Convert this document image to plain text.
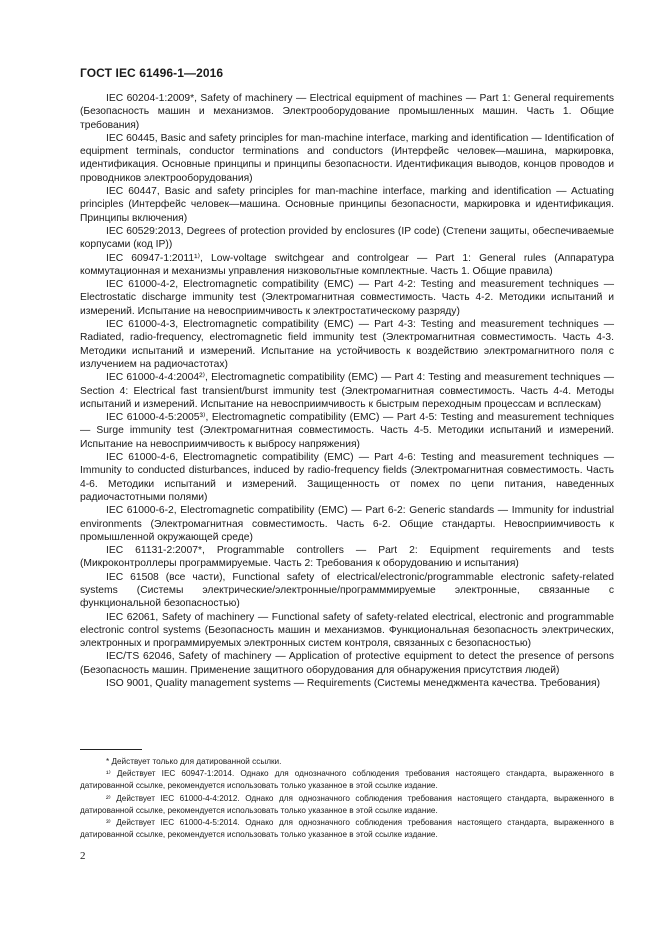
ГОСТ IEC 61496-1—2016

IEC 60204-1:2009*, Safety of machinery — Electrical equipment of machines — Part 1: General requirements (Безопасность машин и механизмов. Электрооборудование промышленных машин. Часть 1. Общие требования)

IEC 60445, Basic and safety principles for man-machine interface, marking and identification — Identification of equipment terminals, conductor terminations and conductors (Интерфейс человек—машина, маркировка, идентификация. Основные принципы и принципы безопасности. Идентификация выводов, концов проводов и проводников электрооборудования)

IEC 60447, Basic and safety principles for man-machine interface, marking and identification — Actuating principles (Интерфейс человек—машина. Основные принципы безопасности, маркировка и идентификация. Принципы включения)

IEC 60529:2013, Degrees of protection provided by enclosures (IP code) (Степени защиты, обеспечиваемые корпусами (код IP))

IEC 60947-1:2011¹⁾, Low-voltage switchgear and controlgear — Part 1: General rules (Аппаратура коммутационная и механизмы управления низковольтные комплектные. Часть 1. Общие правила)

IEC 61000-4-2, Electromagnetic compatibility (EMC) — Part 4-2: Testing and measurement techniques — Electrostatic discharge immunity test (Электромагнитная совместимость. Часть 4-2. Методики испытаний и измерений. Испытание на невосприимчивость к электростатическому разряду)

IEC 61000-4-3, Electromagnetic compatibility (EMC) — Part 4-3: Testing and measurement techniques — Radiated, radio-frequency, electromagnetic field immunity test (Электромагнитная совместимость. Часть 4-3. Методики испытаний и измерений. Испытание на устойчивость к воздействию электромагнитного поля с излучением на радиочастотах)

IEC 61000-4-4:2004²⁾, Electromagnetic compatibility (EMC) — Part 4: Testing and measurement techniques — Section 4: Electrical fast transient/burst immunity test (Электромагнитная совместимость. Часть 4-4. Методы испытаний и измерений. Испытание на невосприимчивость к быстрым переходным процессам и всплескам)

IEC 61000-4-5:2005³⁾, Electromagnetic compatibility (EMC) — Part 4-5: Testing and measurement techniques — Surge immunity test (Электромагнитная совместимость. Часть 4-5. Методики испытаний и измерений. Испытание на невосприимчивость к выбросу напряжения)

IEC 61000-4-6, Electromagnetic compatibility (EMC) — Part 4-6: Testing and measurement techniques — Immunity to conducted disturbances, induced by radio-frequency fields (Электромагнитная совместимость. Часть 4-6. Методики испытаний и измерений. Защищенность от помех по цепи питания, наведенных радиочастотными полями)

IEC 61000-6-2, Electromagnetic compatibility (EMC) — Part 6-2: Generic standards — Immunity for industrial environments (Электромагнитная совместимость. Часть 6-2. Общие стандарты. Невосприимчивость к промышленной окружающей среде)

IEC 61131-2:2007*, Programmable controllers — Part 2: Equipment requirements and tests (Микроконтроллеры программируемые. Часть 2: Требования к оборудованию и испытания)

IEC 61508 (все части), Functional safety of electrical/electronic/programmable electronic safety-related systems (Системы электрические/электронные/программмируемые электронные, связанные с функциональной безопасностью)

IEC 62061, Safety of machinery — Functional safety of safety-related electrical, electronic and programmable electronic control systems (Безопасность машин и механизмов. Функциональная безопасность электрических, электронных и программируемых электронных систем контроля, связанных с безопасностью)

IEC/TS 62046, Safety of machinery — Application of protective equipment to detect the presence of persons (Безопасность машин. Применение защитного оборудования для обнаружения присутствия людей)

ISO 9001, Quality management systems — Requirements (Системы менеджмента качества. Требования)

* Действует только для датированной ссылки.

¹⁾ Действует IEC 60947-1:2014. Однако для однозначного соблюдения требования настоящего стандарта, выраженного в датированной ссылке, рекомендуется использовать только указанное в этой ссылке издание.

²⁾ Действует IEC 61000-4-4:2012. Однако для однозначного соблюдения требования настоящего стандарта, выраженного в датированной ссылке, рекомендуется использовать только указанное в этой ссылке издание.

³⁾ Действует IEC 61000-4-5:2014. Однако для однозначного соблюдения требования настоящего стандарта, выраженного в датированной ссылке, рекомендуется использовать только указанное в этой ссылке издание.

2
